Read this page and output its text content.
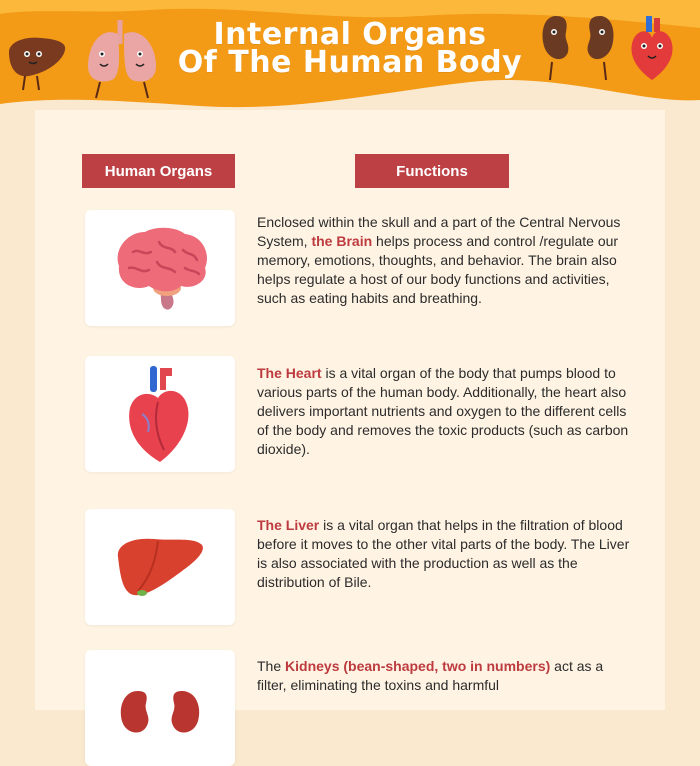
Internal Organs
Of The Human Body
Human Organs	Functions
Enclosed within the skull and a part of the Central Nervous System, the Brain helps process and control /regulate our memory, emotions, thoughts, and behavior. The brain also helps regulate a host of our body functions and activities, such as eating habits and breathing.
The Heart is a vital organ of the body that pumps blood to various parts of the human body. Additionally, the heart also delivers important nutrients and oxygen to the different cells of the body and removes the toxic products (such as carbon dioxide).
The Liver is a vital organ that helps in the filtration of blood before it moves to the other vital parts of the body. The Liver is also associated with the production as well as the distribution of Bile.
The Kidneys (bean-shaped, two in numbers) act as a filter, eliminating the toxins and harmful
